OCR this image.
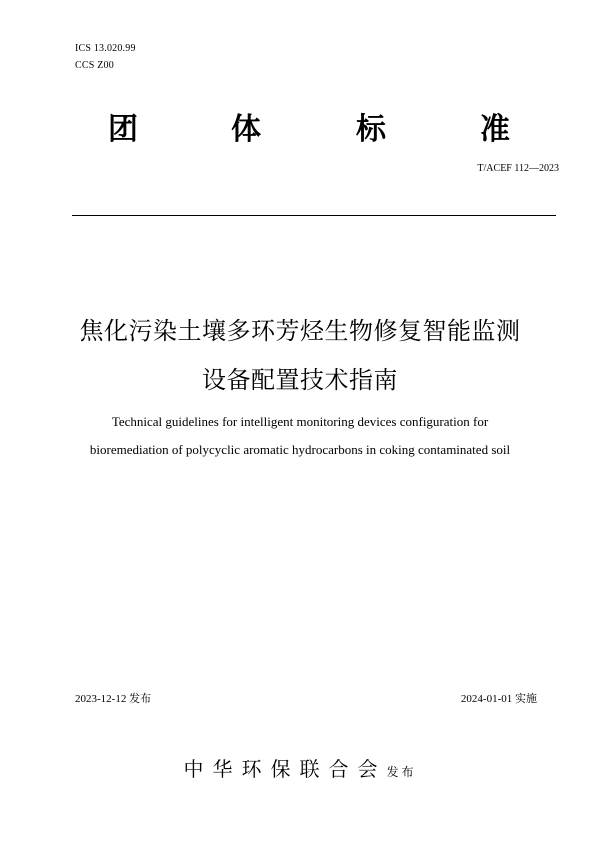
ICS 13.020.99
CCS Z00
团	体	标	准
T/ACEF 112—2023
焦化污染土壤多环芳烃生物修复智能监测
设备配置技术指南
Technical guidelines for intelligent monitoring devices configuration for
bioremediation of polycyclic aromatic hydrocarbons in coking contaminated soil
2023-12-12 发布	2024-01-01 实施
中华环保联合会发布
